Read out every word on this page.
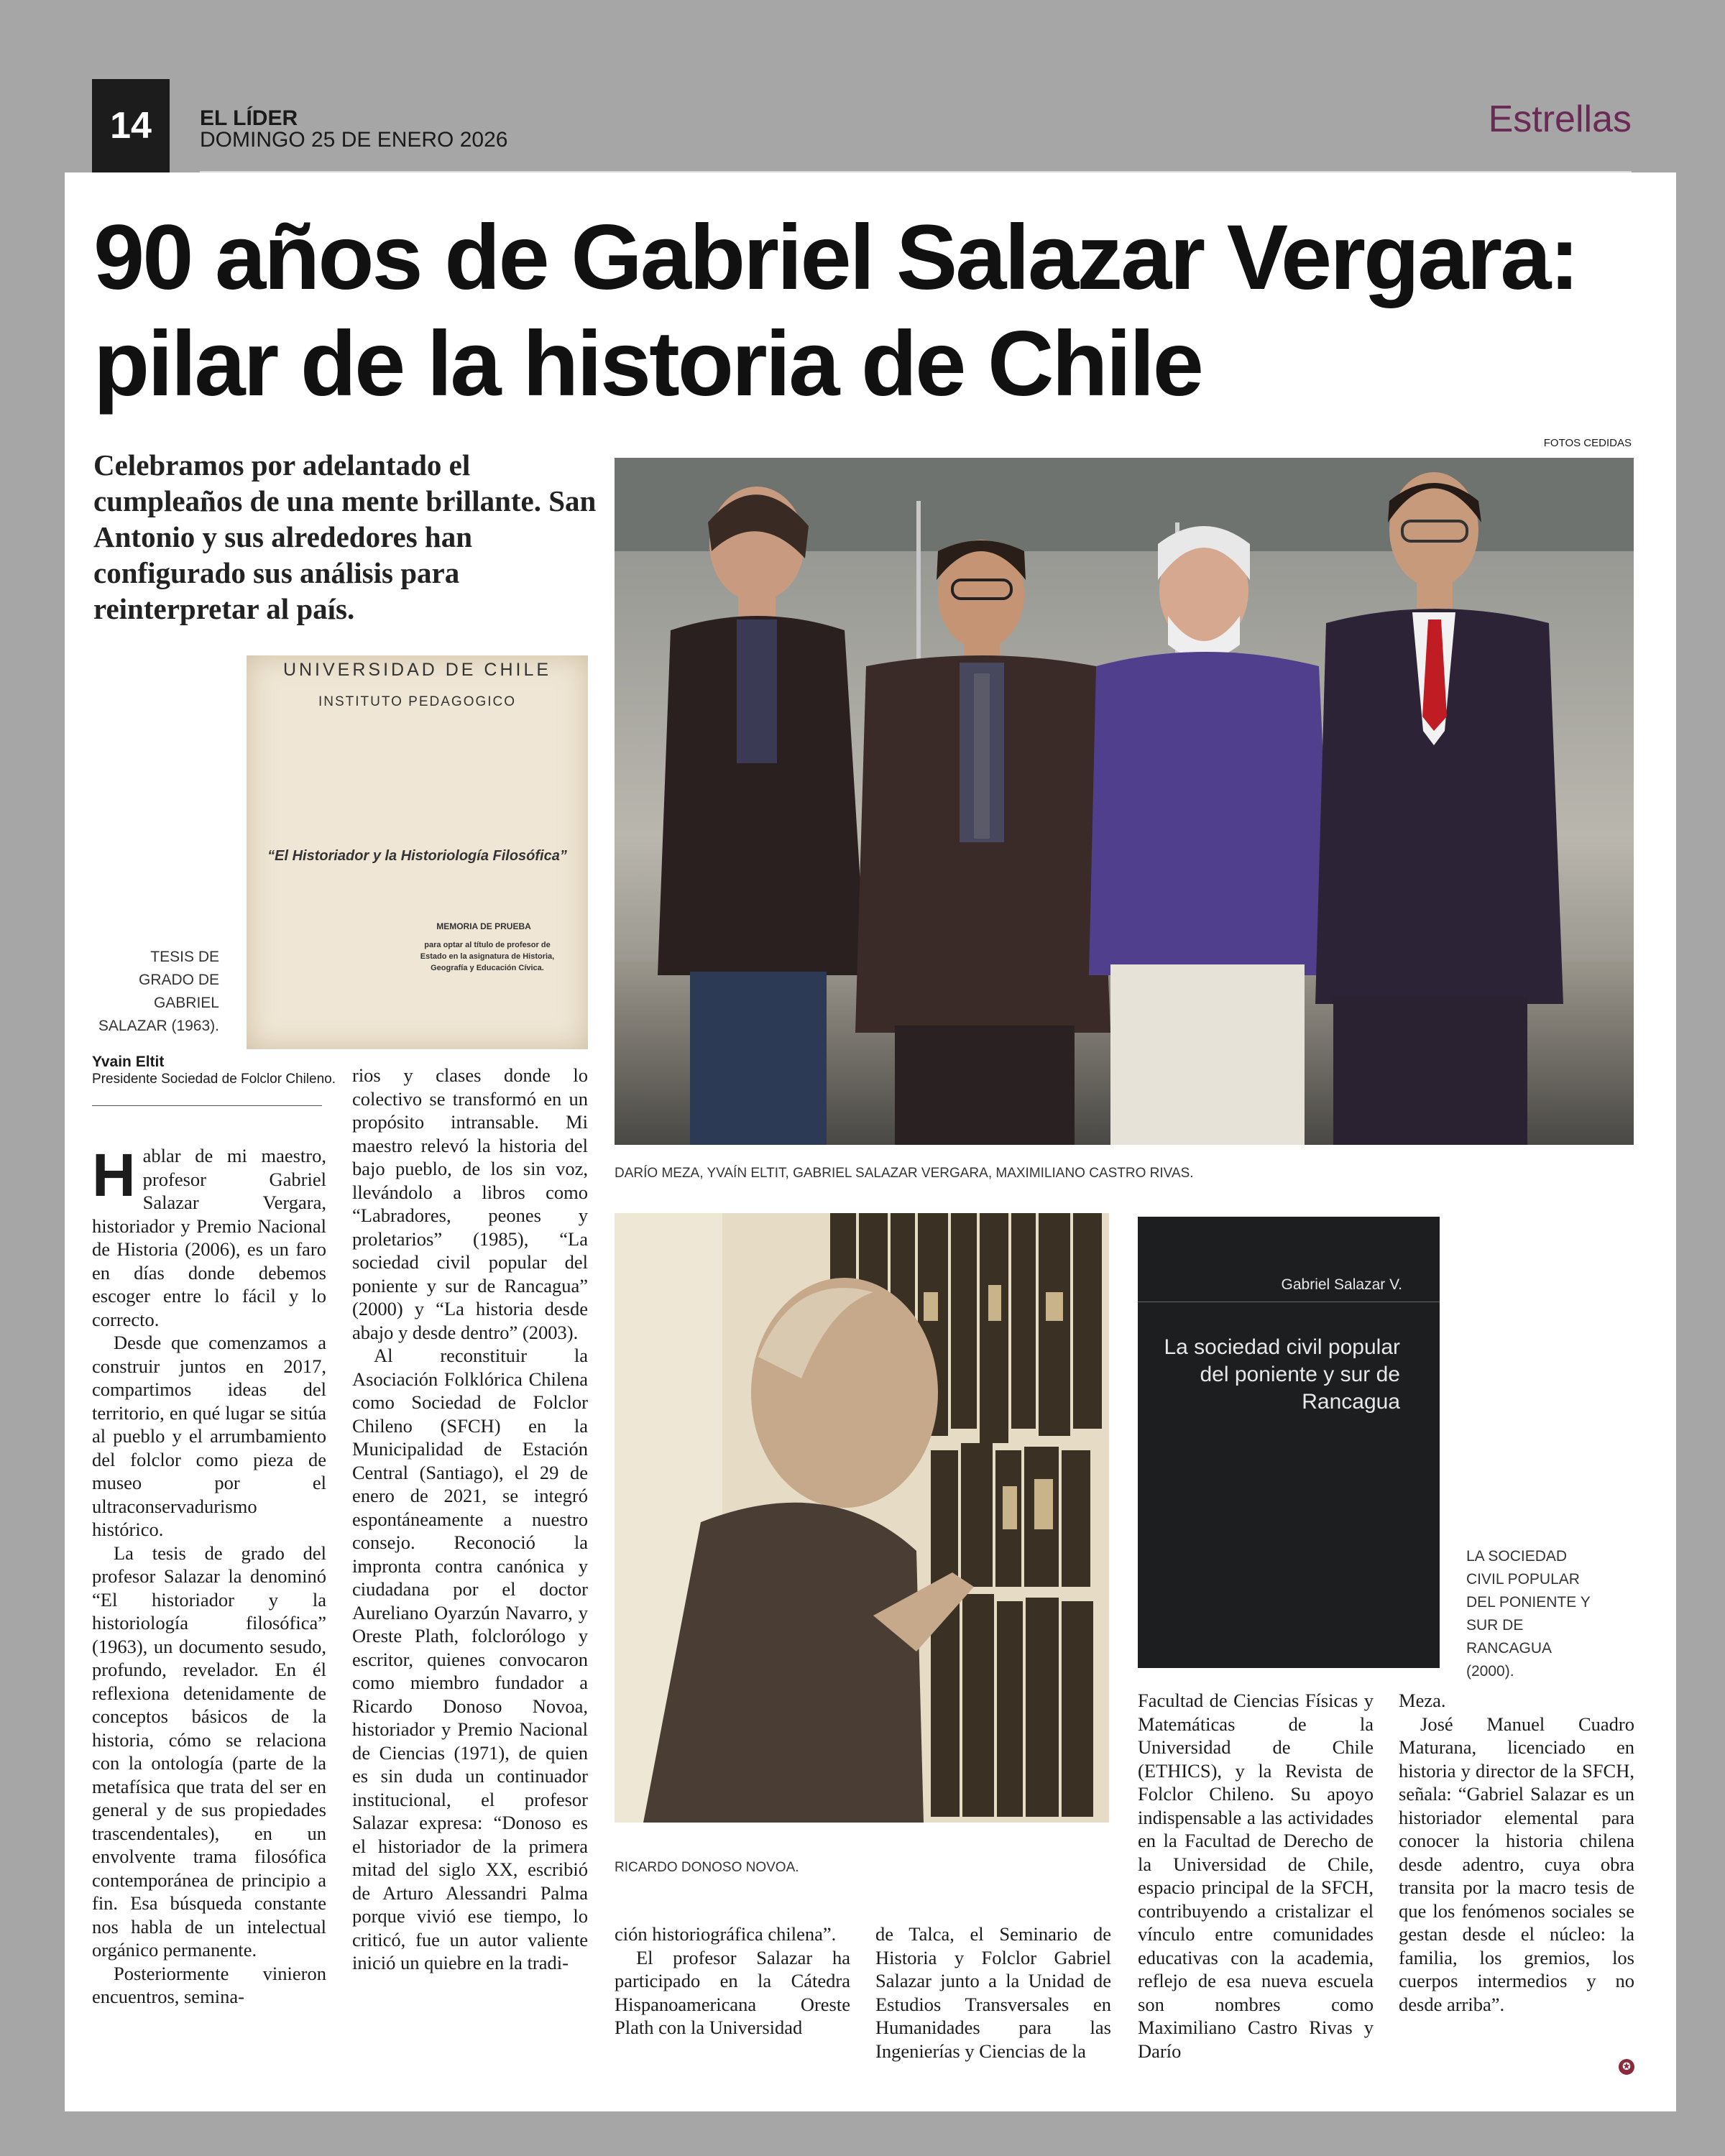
14	EL LÍDER
DOMINGO 25 DE ENERO 2026	Estrellas
90 años de Gabriel Salazar Vergara:
pilar de la historia de Chile
FOTOS CEDIDAS
Celebramos por adelantado el cumpleaños de una mente brillante. San Antonio y sus alrededores han configurado sus análisis para reinterpretar al país.
UNIVERSIDAD DE CHILE
INSTITUTO PEDAGOGICO
“El Historiador y la Historiología Filosófica”
MEMORIA DE PRUEBA
para optar al título de profesor de Estado en la asignatura de Historia, Geografía y Educación Cívica.
TESIS DE GRADO DE GABRIEL SALAZAR (1963).
Yvain Eltit
Presidente Sociedad de Folclor Chileno.
H ablar de mi maestro, profesor Gabriel Salazar Vergara, historiador y Premio Nacional de Historia (2006), es un faro en días donde debemos escoger entre lo fácil y lo correcto.

Desde que comenzamos a construir juntos en 2017, compartimos ideas del territorio, en qué lugar se sitúa al pueblo y el arrumbamiento del folclor como pieza de museo por el ultraconservadurismo histórico.

La tesis de grado del profesor Salazar la denominó “El historiador y la historiología filosófica” (1963), un documento sesudo, profundo, revelador. En él reflexiona detenidamente de conceptos básicos de la historia, cómo se relaciona con la ontología (parte de la metafísica que trata del ser en general y de sus propiedades trascendentales), en un envolvente trama filosófica contemporánea de principio a fin. Esa búsqueda constante nos habla de un intelectual orgánico permanente.

Posteriormente vinieron encuentros, semina-

rios y clases donde lo colectivo se transformó en un propósito intransable. Mi maestro relevó la historia del bajo pueblo, de los sin voz, llevándolo a libros como “Labradores, peones y proletarios” (1985), “La sociedad civil popular del poniente y sur de Rancagua” (2000) y “La historia desde abajo y desde dentro” (2003).

Al reconstituir la Asociación Folklórica Chilena como Sociedad de Folclor Chileno (SFCH) en la Municipalidad de Estación Central (Santiago), el 29 de enero de 2021, se integró espontáneamente a nuestro consejo. Reconoció la impronta contra canónica y ciudadana por el doctor Aureliano Oyarzún Navarro, y Oreste Plath, folclorólogo y escritor, quienes convocaron como miembro fundador a Ricardo Donoso Novoa, historiador y Premio Nacional de Ciencias (1971), de quien es sin duda un continuador institucional, el profesor Salazar expresa: “Donoso es el historiador de la primera mitad del siglo XX, escribió de Arturo Alessandri Palma porque vivió ese tiempo, lo criticó, fue un autor valiente inició un quiebre en la tradi-

DARÍO MEZA, YVAÍN ELTIT, GABRIEL SALAZAR VERGARA, MAXIMILIANO CASTRO RIVAS.
RICARDO DONOSO NOVOA.
Gabriel Salazar V.
La sociedad civil popular del poniente y sur de Rancagua
LA SOCIEDAD CIVIL POPULAR DEL PONIENTE Y SUR DE RANCAGUA (2000).

ción historiográfica chilena”.

El profesor Salazar ha participado en la Cátedra Hispanoamericana Oreste Plath con la Universidad

de Talca, el Seminario de Historia y Folclor Gabriel Salazar junto a la Unidad de Estudios Transversales en Humanidades para las Ingenierías y Ciencias de la

Facultad de Ciencias Físicas y Matemáticas de la Universidad de Chile (ETHICS), y la Revista de Folclor Chileno. Su apoyo indispensable a las actividades en la Facultad de Derecho de la Universidad de Chile, espacio principal de la SFCH, contribuyendo a cristalizar el vínculo entre comunidades educativas con la academia, reflejo de esa nueva escuela son nombres como Maximiliano Castro Rivas y Darío

Meza.

José Manuel Cuadro Maturana, licenciado en historia y director de la SFCH, señala: “Gabriel Salazar es un historiador elemental para conocer la historia chilena desde adentro, cuya obra transita por la macro tesis de que los fenómenos sociales se gestan desde el núcleo: la familia, los gremios, los cuerpos intermedios y no desde arriba”.

✪
